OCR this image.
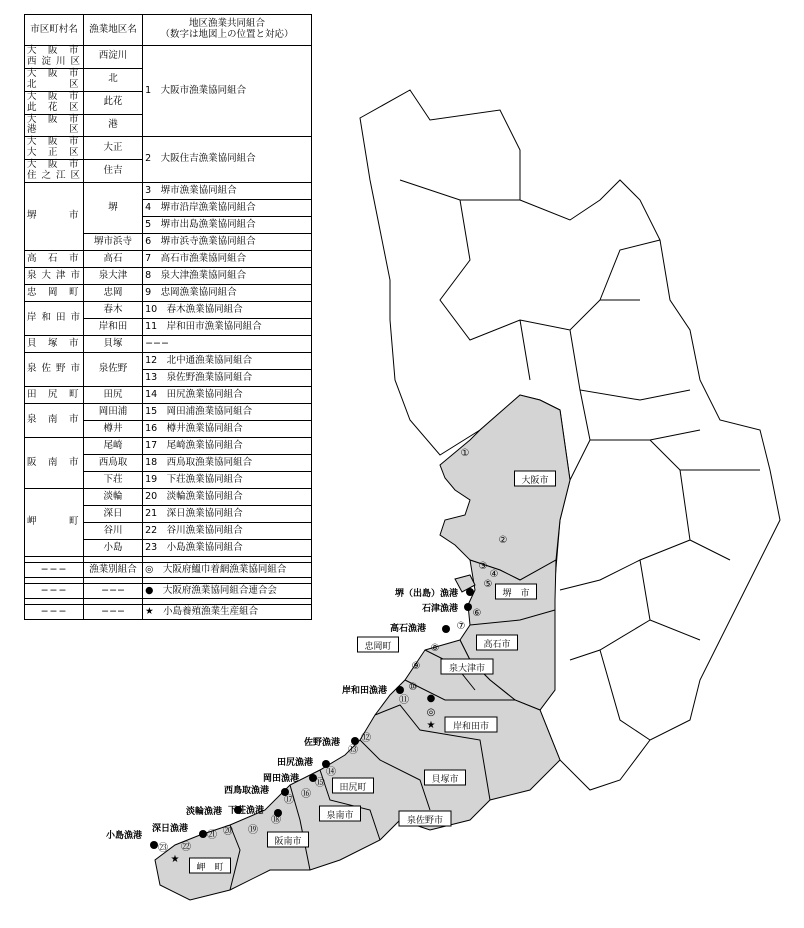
市区町村名	漁業地区名	地区漁業共同組合
（数字は地図上の位置と対応）
大　阪　市
西 淀 川 区	西淀川	1　大阪市漁業協同組合
大　阪　市
北　　　区	北	
大　阪　市
此　花　区	此花	
大　阪　市
港　　　区	港	
大　阪　市
大　正　区	大正	2　大阪住吉漁業協同組合
大　阪　市
住 之 江 区	住吉	
堺　　　市	堺	3　堺市漁業協同組合
		4　堺市沿岸漁業協同組合
		5　堺市出島漁業協同組合
	堺市浜寺	6　堺市浜寺漁業協同組合
高　石　市	高石	7　高石市漁業協同組合
泉 大 津 市	泉大津	8　泉大津漁業協同組合
忠　岡　町	忠岡	9　忠岡漁業協同組合
岸 和 田 市	春木	10　春木漁業協同組合
	岸和田	11　岸和田市漁業協同組合
貝　塚　市	貝塚	−−−
泉 佐 野 市	泉佐野	12　北中通漁業協同組合
		13　泉佐野漁業協同組合
田　尻　町	田尻	14　田尻漁業協同組合
泉　南　市	岡田浦	15　岡田浦漁業協同組合
	樽井	16　樽井漁業協同組合
阪　南　市	尾崎	17　尾崎漁業協同組合
	西鳥取	18　西鳥取漁業協同組合
	下荘	19　下荘漁業協同組合
岬　　　町	淡輪	20　淡輪漁業協同組合
	深日	21　深日漁業協同組合
	谷川	22　谷川漁業協同組合
	小島	23　小島漁業協同組合

−−−	漁業別組合	◎　大阪府鰮巾着網漁業協同組合

−−−	−−−	●　大阪府漁業協同組合連合会

−−−	−−−	★　小島養殖漁業生産組合
大阪市
堺　市
高石市
忠岡町
泉大津市
岸和田市
貝塚市
田尻町
泉南市	泉佐野市
阪南市
岬　町
堺（出島）漁港
石津漁港
高石漁港
岸和田漁港
佐野漁港
田尻漁港
岡田漁港
西鳥取漁港
淡輪漁港 下荘漁港
深日漁港
小島漁港
●
◎
★
★
①
②
③
④
⑤
⑥
⑦
⑧
⑨
⑩
⑪
⑫
⑬
⑭
⑮
⑯
⑰
⑱
⑲
⑳
㉑
㉒
㉓
